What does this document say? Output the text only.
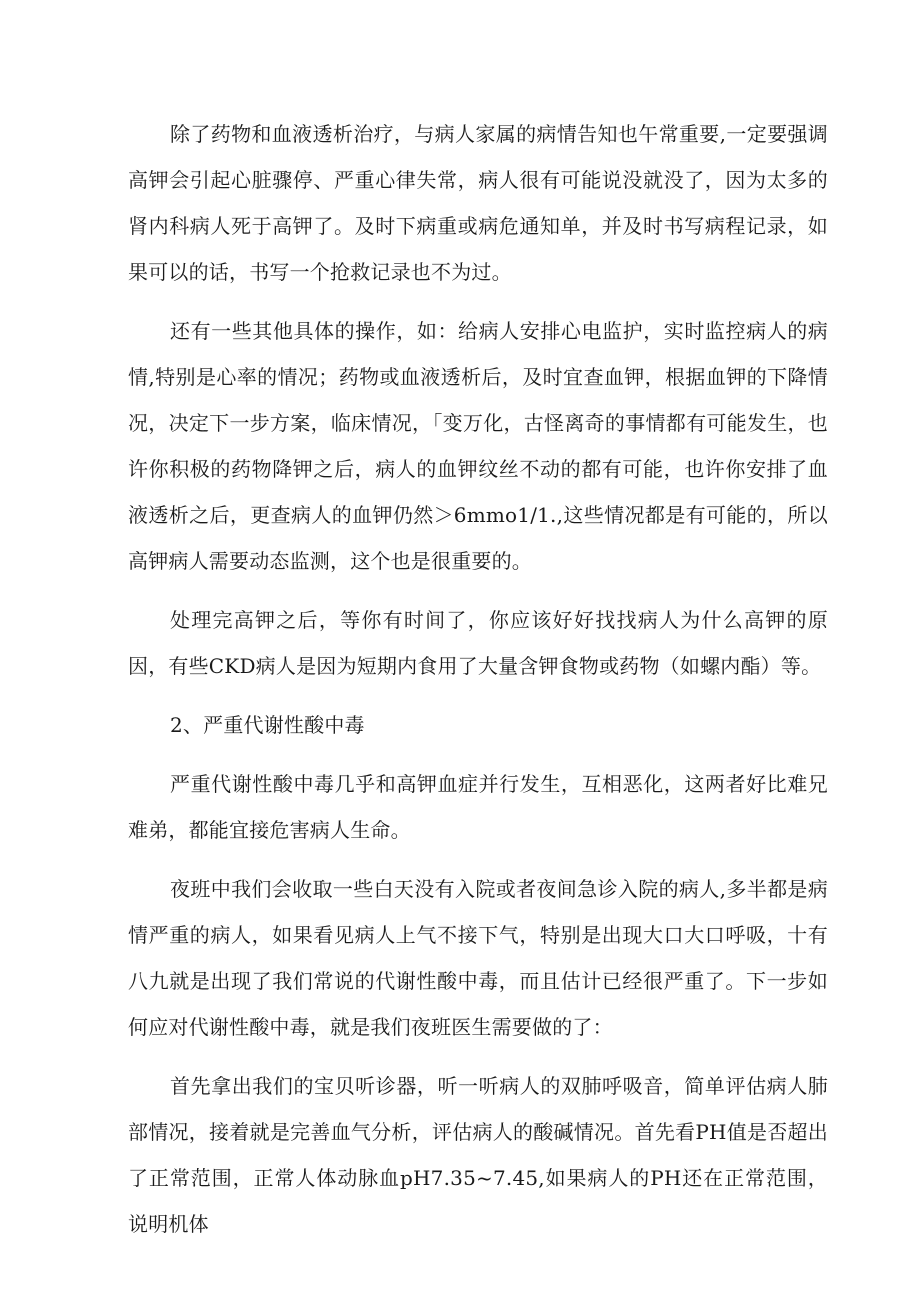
除了药物和血液透析治疗，与病人家属的病情告知也午常重要,一定要强调高钾会引起心脏骤停、严重心律失常，病人很有可能说没就没了，因为太多的肾内科病人死于高钾了。及时下病重或病危通知单，并及时书写病程记录，如果可以的话，书写一个抢救记录也不为过。

还有一些其他具体的操作，如：给病人安排心电监护，实时监控病人的病情,特别是心率的情况；药物或血液透析后，及时宜查血钾，根据血钾的下降情况，决定下一步方案，临床情况，「变万化，古怪离奇的事情都有可能发生，也许你积极的药物降钾之后，病人的血钾纹丝不动的都有可能，也许你安排了血液透析之后，更查病人的血钾仍然＞6mmo1∕1.,这些情况都是有可能的，所以高钾病人需要动态监测，这个也是很重要的。

处理完高钾之后，等你有时间了，你应该好好找找病人为什么高钾的原因，有些CKD病人是因为短期内食用了大量含钾食物或药物（如螺内酯）等。

2、严重代谢性酸中毒

严重代谢性酸中毒几乎和高钾血症并行发生，互相恶化，这两者好比难兄难弟，都能宜接危害病人生命。

夜班中我们会收取一些白天没有入院或者夜间急诊入院的病人,多半都是病情严重的病人，如果看见病人上气不接下气，特别是出现大口大口呼吸，十有八九就是出现了我们常说的代谢性酸中毒，而且估计已经很严重了。下一步如何应对代谢性酸中毒，就是我们夜班医生需要做的了：

首先拿出我们的宝贝听诊器，听一听病人的双肺呼吸音，简单评估病人肺部情况，接着就是完善血气分析，评估病人的酸碱情况。首先看PH值是否超出了正常范围，正常人体动脉血pH7.35~7.45,如果病人的PH还在正常范围，说明机体
